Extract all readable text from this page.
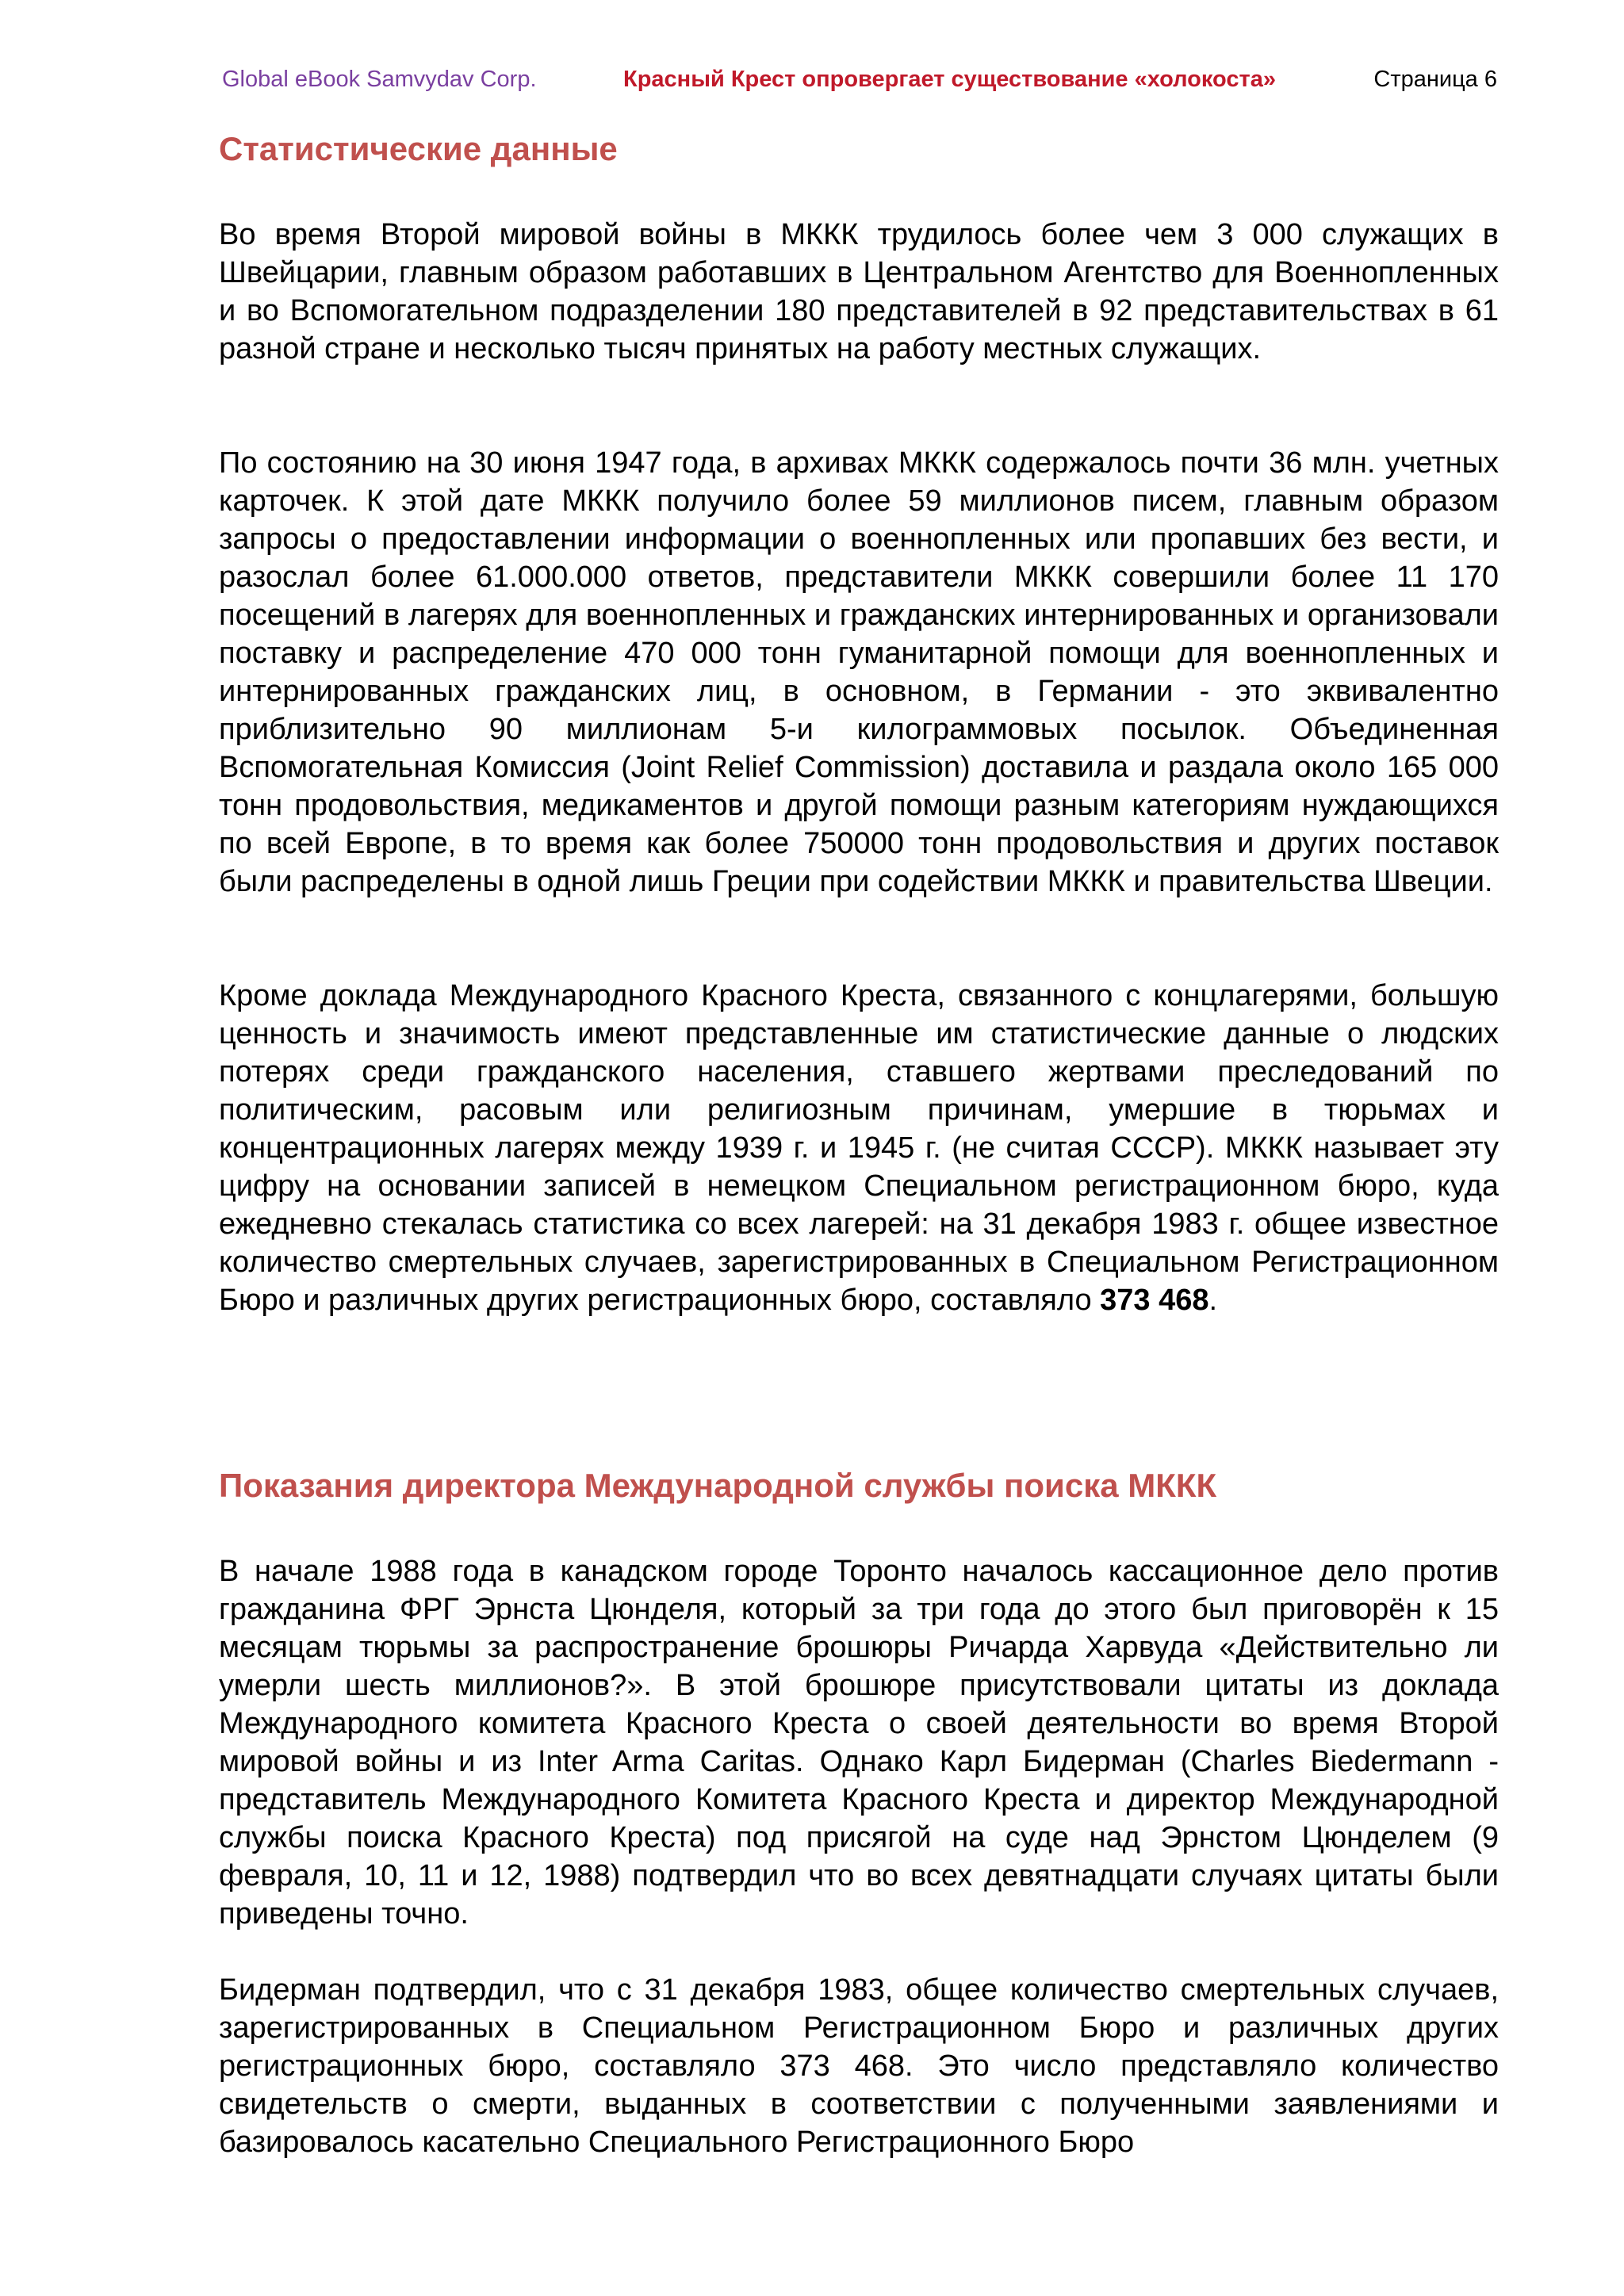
Global eBook Samvydav Corp.	Красный Крест опровергает существование «холокоста»	Страница 6
Статистические данные

Во время Второй мировой войны в МККК трудилось более чем 3 000 служащих в Швейцарии, главным образом работавших в Центральном Агентство для Военнопленных и во Вспомогательном подразделении 180 представителей в 92 представительствах в 61 разной стране и несколько тысяч принятых на работу местных служащих.

По состоянию на 30 июня 1947 года, в архивах МККК содержалось почти 36 млн. учетных карточек. К этой дате МККК получило более 59 миллионов писем, главным образом запросы о предоставлении информации о военнопленных или пропавших без вести, и разослал более 61.000.000 ответов, представители МККК совершили более 11 170 посещений в лагерях для военнопленных и гражданских интернированных и организовали поставку и распределение 470 000 тонн гуманитарной помощи для военнопленных и интернированных гражданских лиц, в основном, в Германии - это эквивалентно приблизительно 90 миллионам 5-и килограммовых посылок. Объединенная Вспомогательная Комиссия (Joint Relief Commission) доставила и раздала около 165 000 тонн продовольствия, медикаментов и другой помощи разным категориям нуждающихся по всей Европе, в то время как более 750000 тонн продовольствия и других поставок были распределены в одной лишь Греции при содействии МККК и правительства Швеции.

Кроме доклада Международного Красного Креста, связанного с концлагерями, большую ценность и значимость имеют представленные им статистические данные о людских потерях среди гражданского населения, ставшего жертвами преследований по политическим, расовым или религиозным причинам, умершие в тюрьмах и концентрационных лагерях между 1939 г. и 1945 г. (не считая СССР). МККК называет эту цифру на основании записей в немецком Специальном регистрационном бюро, куда ежедневно стекалась статистика со всех лагерей: на 31 декабря 1983 г. общее известное количество смертельных случаев, зарегистрированных в Специальном Регистрационном Бюро и различных других регистрационных бюро, составляло 373 468.

Показания директора Международной службы поиска МККК

В начале 1988 года в канадском городе Торонто началось кассационное дело против гражданина ФРГ Эрнста Цюнделя, который за три года до этого был приговорён к 15 месяцам тюрьмы за распространение брошюры Ричарда Харвуда «Действительно ли умерли шесть миллионов?». В этой брошюре присутствовали цитаты из доклада Международного комитета Красного Креста о своей деятельности во время Второй мировой войны и из Inter Arma Caritas. Однако Карл Бидерман (Charles Biedermann - представитель Международного Комитета Красного Креста и директор Международной службы поиска Красного Креста) под присягой на суде над Эрнстом Цюнделем (9 февраля, 10, 11 и 12, 1988) подтвердил что во всех девятнадцати случаях цитаты были приведены точно.

Бидерман подтвердил, что с 31 декабря 1983, общее количество смертельных случаев, зарегистрированных в Специальном Регистрационном Бюро и различных других регистрационных бюро, составляло 373 468. Это число представляло количество свидетельств о смерти, выданных в соответствии с полученными заявлениями и базировалось касательно Специального Регистрационного Бюро
